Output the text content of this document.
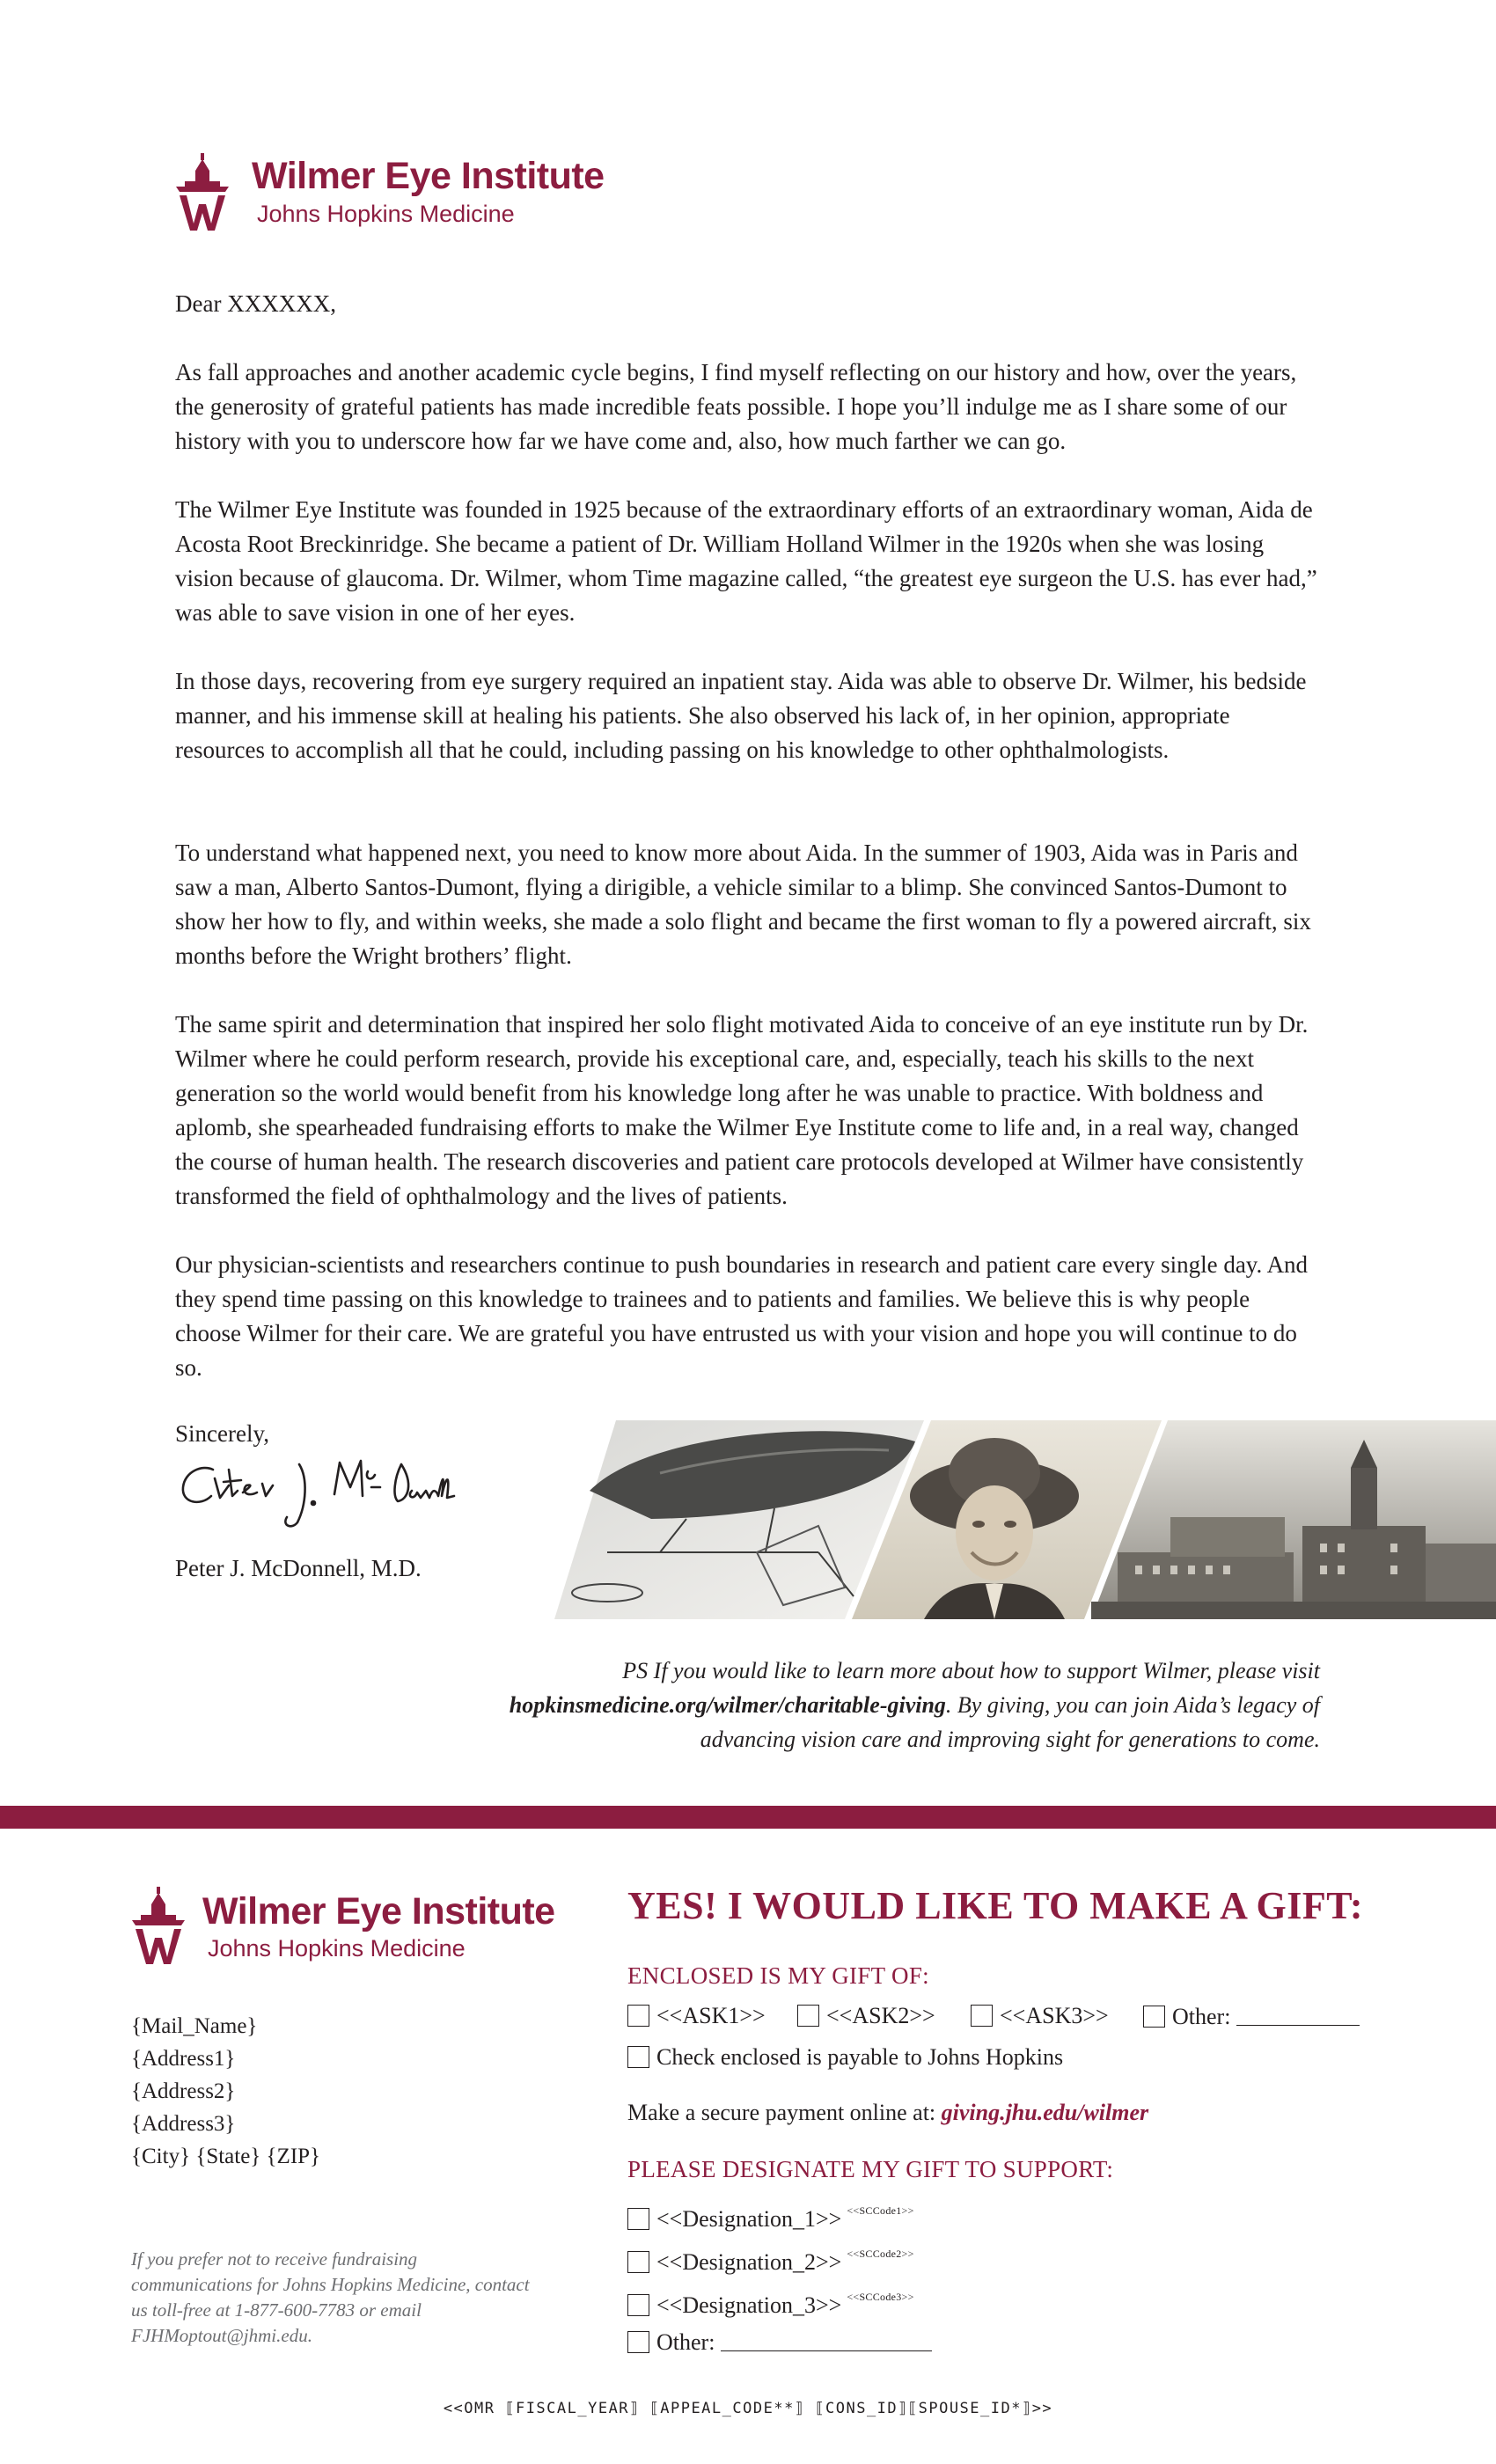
Wilmer Eye Institute
Johns Hopkins Medicine
Dear XXXXXX,

As fall approaches and another academic cycle begins, I find myself reflecting on our history and how, over the years, the generosity of grateful patients has made incredible feats possible. I hope you’ll indulge me as I share some of our history with you to underscore how far we have come and, also, how much farther we can go.

The Wilmer Eye Institute was founded in 1925 because of the extraordinary efforts of an extraordinary woman, Aida de Acosta Root Breckinridge. She became a patient of Dr. William Holland Wilmer in the 1920s when she was losing vision because of glaucoma. Dr. Wilmer, whom Time magazine called, “the greatest eye surgeon the U.S. has ever had,” was able to save vision in one of her eyes.

In those days, recovering from eye surgery required an inpatient stay. Aida was able to observe Dr. Wilmer, his bedside manner, and his immense skill at healing his patients. She also observed his lack of, in her opinion, appropriate resources to accomplish all that he could, including passing on his knowledge to other ophthalmologists.

To understand what happened next, you need to know more about Aida. In the summer of 1903, Aida was in Paris and saw a man, Alberto Santos-Dumont, flying a dirigible, a vehicle similar to a blimp. She convinced Santos-Dumont to show her how to fly, and within weeks, she made a solo flight and became the first woman to fly a powered aircraft, six months before the Wright brothers’ flight.

The same spirit and determination that inspired her solo flight motivated Aida to conceive of an eye institute run by Dr. Wilmer where he could perform research, provide his exceptional care, and, especially, teach his skills to the next generation so the world would benefit from his knowledge long after he was unable to practice. With boldness and aplomb, she spearheaded fundraising efforts to make the Wilmer Eye Institute come to life and, in a real way, changed the course of human health. The research discoveries and patient care protocols developed at Wilmer have consistently transformed the field of ophthalmology and the lives of patients.

Our physician-scientists and researchers continue to push boundaries in research and patient care every single day. And they spend time passing on this knowledge to trainees and to patients and families. We believe this is why people choose Wilmer for their care. We are grateful you have entrusted us with your vision and hope you will continue to do so.

Sincerely,
Peter J. McDonnell, M.D.
PS If you would like to learn more about how to support Wilmer, please visit hopkinsmedicine.org/wilmer/charitable-giving. By giving, you can join Aida’s legacy of advancing vision care and improving sight for generations to come.
Wilmer Eye Institute
Johns Hopkins Medicine
{Mail_Name}
{Address1}
{Address2}
{Address3}
{City} {State} {ZIP}
If you prefer not to receive fundraising communications for Johns Hopkins Medicine, contact us toll-free at 1-877-600-7783 or email FJHMoptout@jhmi.edu.
YES! I WOULD LIKE TO MAKE A GIFT:
ENCLOSED IS MY GIFT OF:
<<ASK1>>	<<ASK2>>	<<ASK3>>	Other:
Check enclosed is payable to Johns Hopkins
Make a secure payment online at: giving.jhu.edu/wilmer
PLEASE DESIGNATE MY GIFT TO SUPPORT:
<<Designation_1>> $^{<<SCCode1>>}$
<<Designation_2>> $^{<<SCCode2>>}$
<<Designation_3>> $^{<<SCCode3>>}$
Other:
<<OMR ⟦FISCAL_YEAR⟧ ⟦APPEAL_CODE**⟧ ⟦CONS_ID⟧⟦SPOUSE_ID*⟧>>
